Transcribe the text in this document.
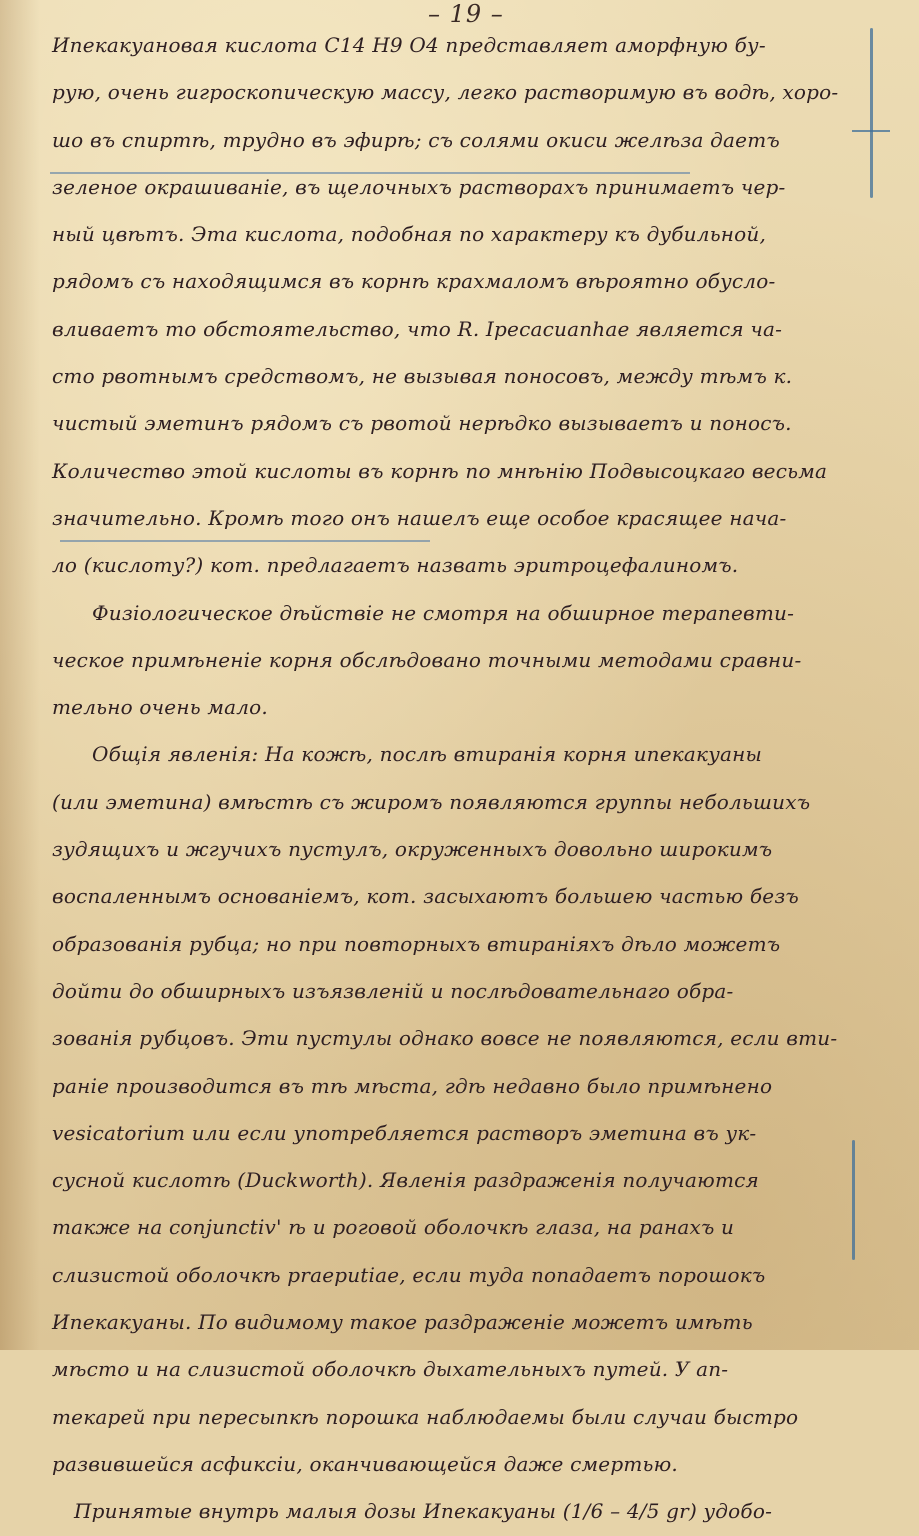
– 19 –
Ипекакуановая кислота C14 H9 O4 представляет аморфную бу-
рую, очень гигроскопическую массу, легко растворимую въ водѣ, хоро-
шо въ спиртѣ, трудно въ эфирѣ; съ солями окиси желѣза даетъ
зеленое окрашиваніе, въ щелочныхъ растворахъ принимаетъ чер-
ный цвѣтъ. Эта кислота, подобная по характеру къ дубильной,
рядомъ съ находящимся въ корнѣ крахмаломъ вѣроятно обусло-
вливаетъ то обстоятельство, что R. Ipecacuanhae является ча-
сто рвотнымъ средствомъ, не вызывая поносовъ, между тѣмъ к.
чистый эметинъ рядомъ съ рвотой нерѣдко вызываетъ и поносъ.
Количество этой кислоты въ корнѣ по мнѣнію Подвысоцкаго весьма
значительно. Кромѣ того онъ нашелъ еще особое красящее нача-
ло (кислоту?) кот. предлагаетъ назвать эритроцефалиномъ.
Физіологическое дѣйствіе не смотря на обширное терапевти-
ческое примѣненіе корня обслѣдовано точными методами сравни-
тельно очень мало.
Общія явленія: На кожѣ, послѣ втиранія корня ипекакуаны
(или эметина) вмѣстѣ съ жиромъ появляются группы небольшихъ
зудящихъ и жгучихъ пустулъ, окруженныхъ довольно широкимъ
воспаленнымъ основаніемъ, кот. засыхаютъ большею частью безъ
образованія рубца; но при повторныхъ втираніяхъ дѣло можетъ
дойти до обширныхъ изъязвленій и послѣдовательнаго обра-
зованія рубцовъ. Эти пустулы однако вовсе не появляются, если вти-
раніе производится въ тѣ мѣста, гдѣ недавно было примѣнено
vesicatorium или если употребляется растворъ эметина въ ук-
сусной кислотѣ (Duckworth). Явленія раздраженія получаются
также на conjunctiv' ѣ и роговой оболочкѣ глаза, на ранахъ и
слизистой оболочкѣ praeputiae, если туда попадаетъ порошокъ
Ипекакуаны. По видимому такое раздраженіе можетъ имѣть
мѣсто и на слизистой оболочкѣ дыхательныхъ путей. У ап-
текарей при пересыпкѣ порошка наблюдаемы были случаи быстро
развившейся асфиксіи, оканчивающейся даже смертью.
Принятые внутрь малыя дозы Ипекакуаны (1/6 – 4/5 gr) удобо-
